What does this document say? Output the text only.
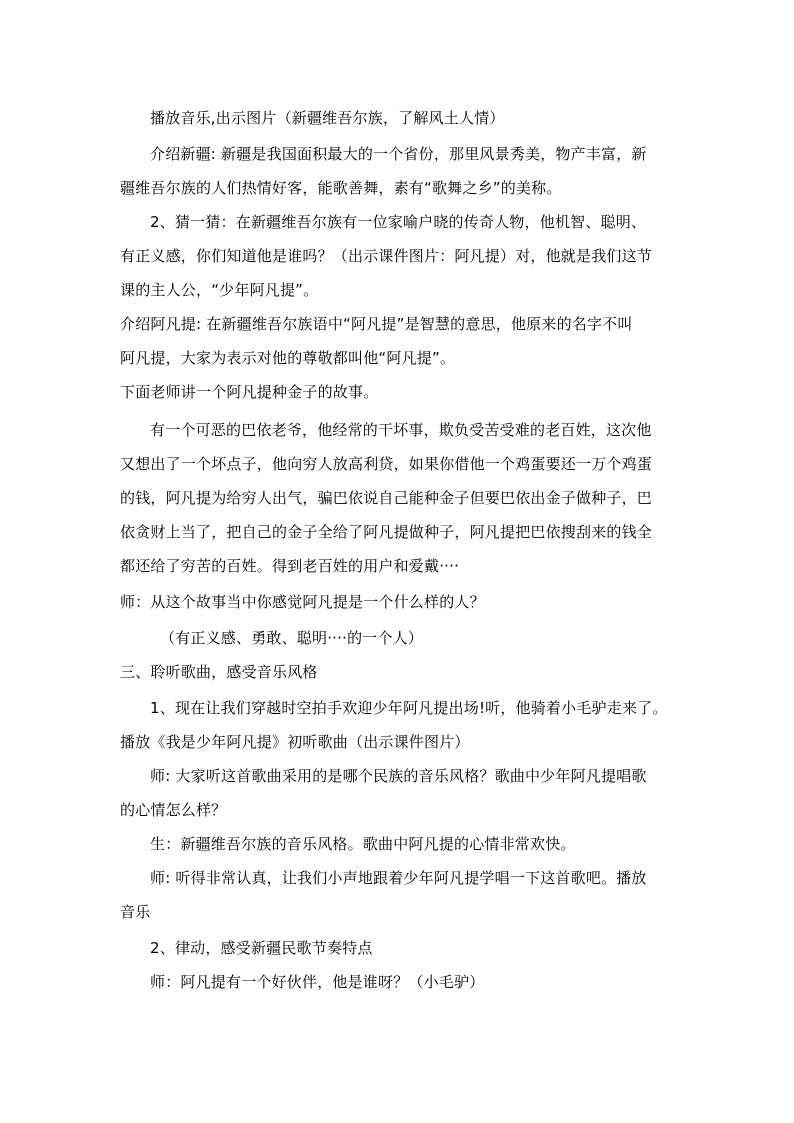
播放音乐,出示图片（新疆维吾尔族，了解风土人情）
介绍新疆: 新疆是我国面积最大的一个省份，那里风景秀美，物产丰富，新
疆维吾尔族的人们热情好客，能歌善舞，素有“歌舞之乡”的美称。
2、猜一猜：在新疆维吾尔族有一位家喻户晓的传奇人物，他机智、聪明、
有正义感，你们知道他是谁吗？（出示课件图片：阿凡提）对，他就是我们这节
课的主人公，“少年阿凡提”。
介绍阿凡提: 在新疆维吾尔族语中“阿凡提”是智慧的意思，他原来的名字不叫
阿凡提，大家为表示对他的尊敬都叫他“阿凡提”。
下面老师讲一个阿凡提种金子的故事。
有一个可恶的巴依老爷，他经常的干坏事，欺负受苦受难的老百姓，这次他
又想出了一个坏点子，他向穷人放高利贷，如果你借他一个鸡蛋要还一万个鸡蛋
的钱，阿凡提为给穷人出气，骗巴依说自己能种金子但要巴依出金子做种子，巴
依贪财上当了，把自己的金子全给了阿凡提做种子，阿凡提把巴依搜刮来的钱全
都还给了穷苦的百姓。得到老百姓的用户和爱戴····
师：从这个故事当中你感觉阿凡提是一个什么样的人？
（有正义感、勇敢、聪明····的一个人）
三、聆听歌曲，感受音乐风格
1、现在让我们穿越时空拍手欢迎少年阿凡提出场!听，他骑着小毛驴走来了。
播放《我是少年阿凡提》初听歌曲（出示课件图片）
师: 大家听这首歌曲采用的是哪个民族的音乐风格？歌曲中少年阿凡提唱歌
的心情怎么样？
生：新疆维吾尔族的音乐风格。歌曲中阿凡提的心情非常欢快。
师: 听得非常认真，让我们小声地跟着少年阿凡提学唱一下这首歌吧。播放
音乐
2、律动，感受新疆民歌节奏特点
师：阿凡提有一个好伙伴，他是谁呀？（小毛驴）
